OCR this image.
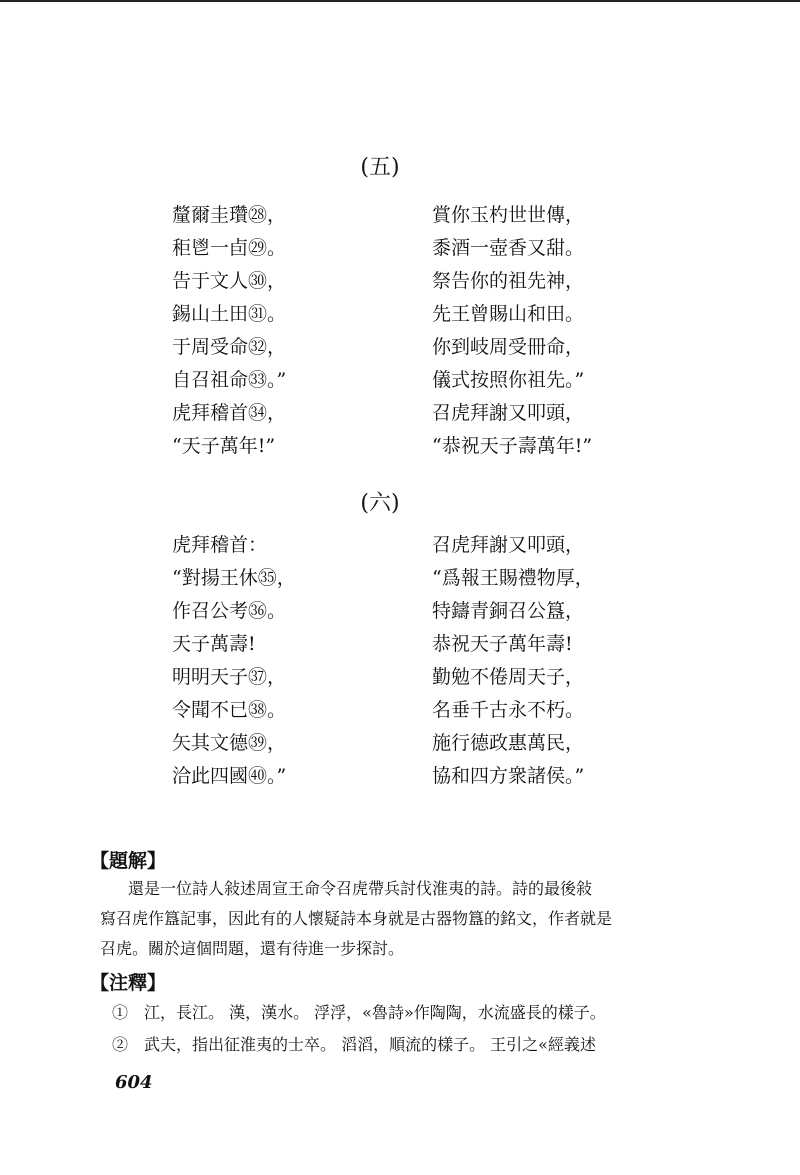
(五)
釐爾圭瓚㉘，
秬鬯一卣㉙。
告于文人㉚，
錫山土田㉛。
于周受命㉜，
自召祖命㉝。”
虎拜稽首㉞，
“天子萬年!”
賞你玉杓世世傳，
黍酒一壺香又甜。
祭告你的祖先神，
先王曾賜山和田。
你到岐周受冊命，
儀式按照你祖先。”
召虎拜謝又叩頭，
“恭祝天子壽萬年!”
(六)
虎拜稽首：
“對揚王休㉟，
作召公考㊱。
天子萬壽!
明明天子㊲，
令聞不已㊳。
矢其文德㊴，
洽此四國㊵。”
召虎拜謝又叩頭，
“爲報王賜禮物厚，
特鑄青銅召公簋，
恭祝天子萬年壽!
勤勉不倦周天子，
名垂千古永不朽。
施行德政惠萬民，
協和四方衆諸侯。”
【題解】
還是一位詩人敍述周宣王命令召虎帶兵討伐淮夷的詩。詩的最後敍
寫召虎作簋記事，因此有的人懷疑詩本身就是古器物簋的銘文，作者就是
召虎。關於這個問題，還有待進一步探討。
【注釋】
①　江，長江。 漢，漢水。 浮浮，«魯詩»作陶陶，水流盛長的樣子。
②　武夫，指出征淮夷的士卒。 滔滔，順流的樣子。 王引之«經義述
604
